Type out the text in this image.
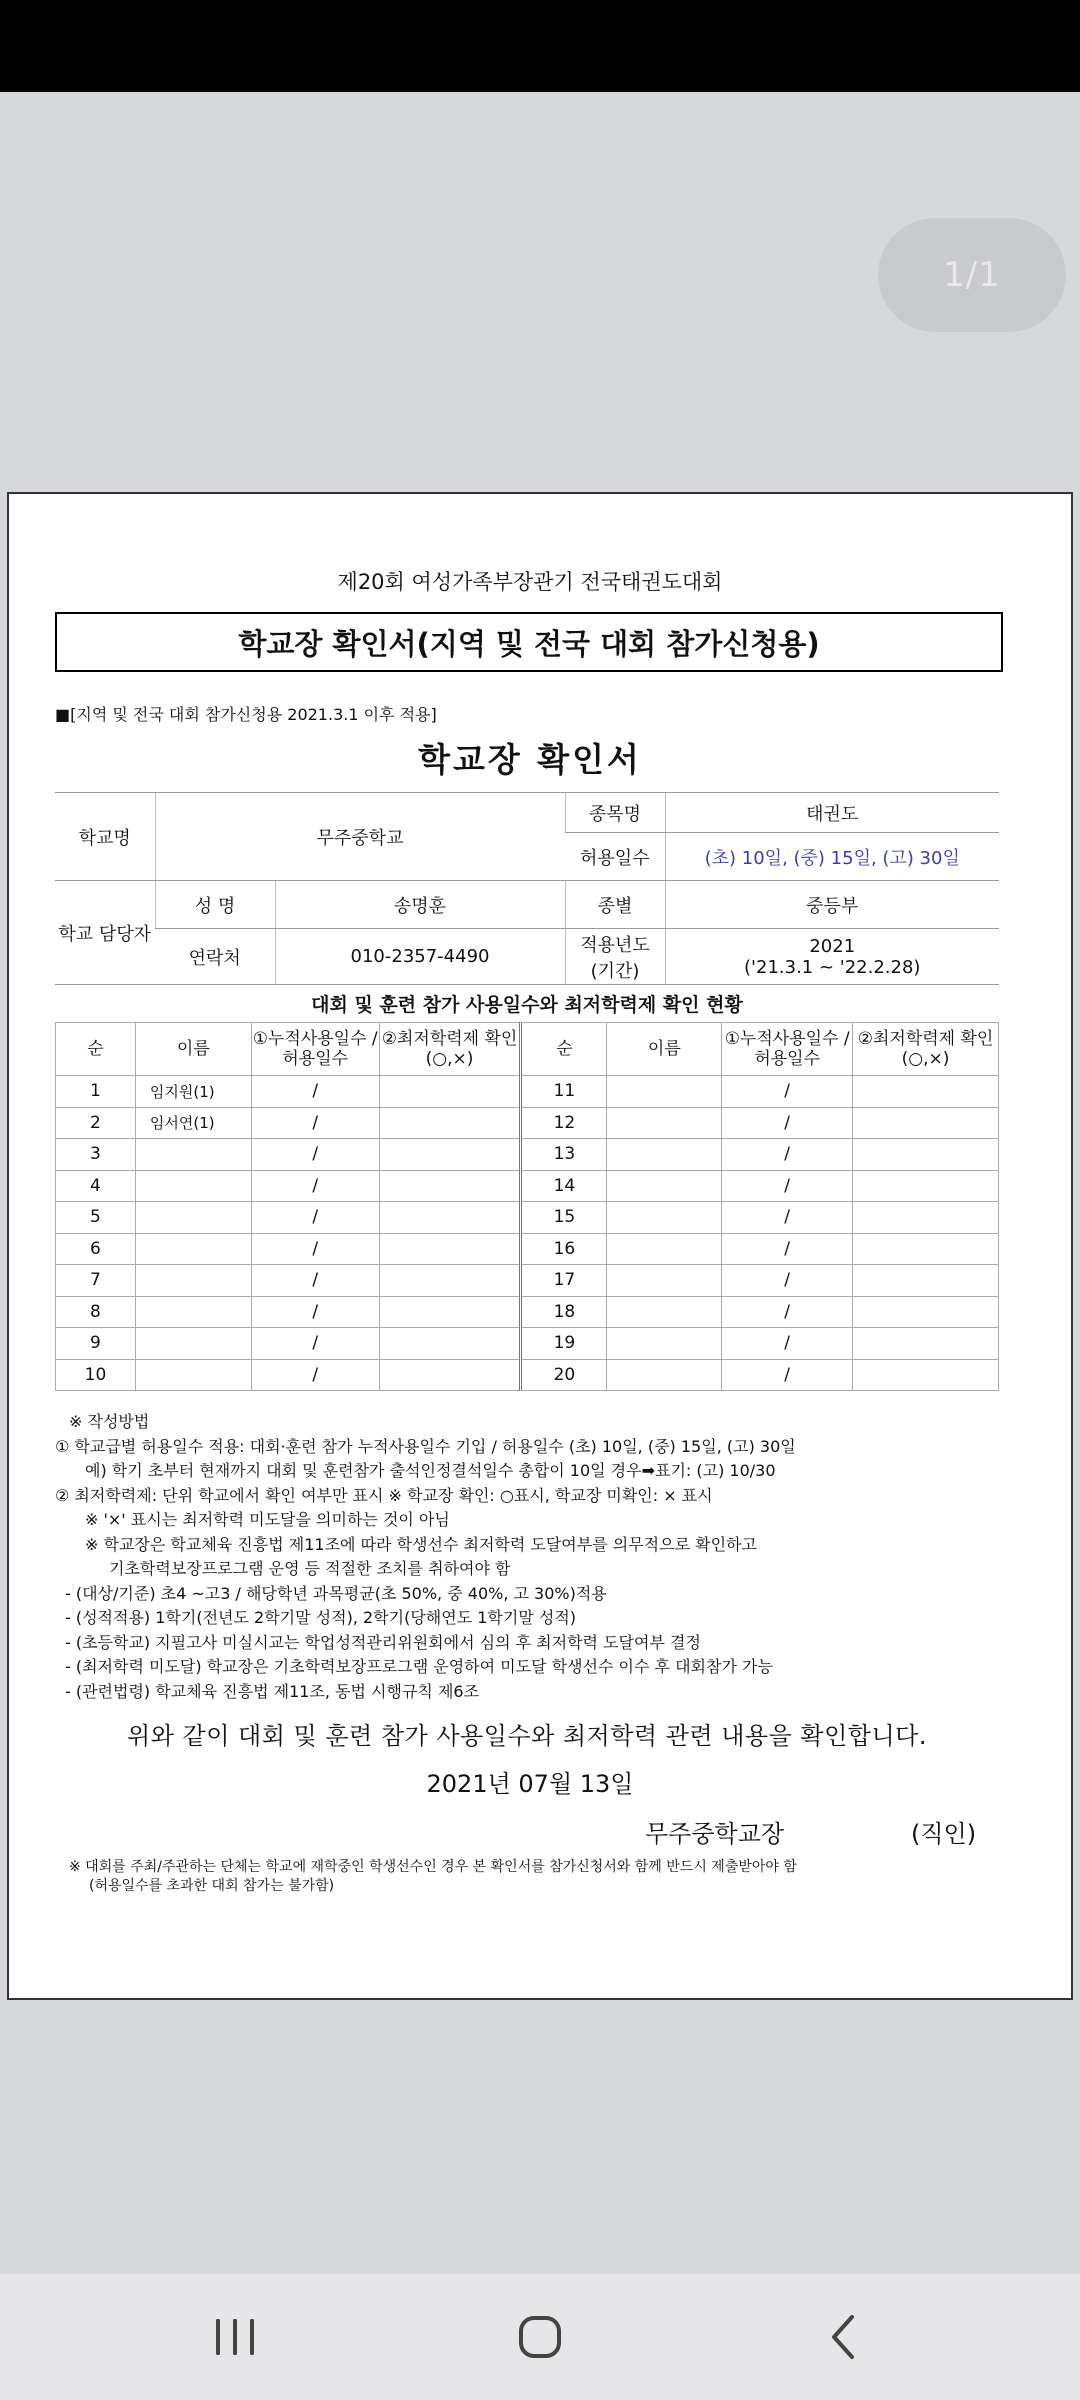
1/1
제20회 여성가족부장관기 전국태권도대회
학교장 확인서(지역 및 전국 대회 참가신청용)
■[지역 및 전국 대회 참가신청용 2021.3.1 이후 적용]
학교장 확인서
학교명	무주중학교		종목명	태권도
			허용일수	(초) 10일, (중) 15일, (고) 30일
학교 담당자	성 명	송명훈	종별	중등부
	연락처	010-2357-4490	적용년도 (기간)	2021
('21.3.1 ~ '22.2.28)
대회 및 훈련 참가 사용일수와 최저학력제 확인 현황
순	이름	①누적사용일수 /허용일수	②최저학력제 확인(○,×)	순	이름	①누적사용일수 /허용일수	②최저학력제 확인(○,×)
1	임지원(1)	/		11		/	
2	임서연(1)	/		12		/	
3		/		13		/	
4		/		14		/	
5		/		15		/	
6		/		16		/	
7		/		17		/	
8		/		18		/	
9		/		19		/	
10		/		20		/	
※ 작성방법
① 학교급별 허용일수 적용: 대회·훈련 참가 누적사용일수 기입 / 허용일수 (초) 10일, (중) 15일, (고) 30일
예) 학기 초부터 현재까지 대회 및 훈련참가 출석인정결석일수 총합이 10일 경우➡표기: (고) 10/30
② 최저학력제: 단위 학교에서 확인 여부만 표시 ※ 학교장 확인: ○표시, 학교장 미확인: × 표시
※ '×' 표시는 최저학력 미도달을 의미하는 것이 아님
※ 학교장은 학교체육 진흥법 제11조에 따라 학생선수 최저학력 도달여부를 의무적으로 확인하고
기초학력보장프로그램 운영 등 적절한 조치를 취하여야 함
- (대상/기준) 초4 ~고3 / 해당학년 과목평균(초 50%, 중 40%, 고 30%)적용
- (성적적용) 1학기(전년도 2학기말 성적), 2학기(당해연도 1학기말 성적)
- (초등학교) 지필고사 미실시교는 학업성적관리위원회에서 심의 후 최저학력 도달여부 결정
- (최저학력 미도달) 학교장은 기초학력보장프로그램 운영하여 미도달 학생선수 이수 후 대회참가 가능
- (관련법령) 학교체육 진흥법 제11조, 동법 시행규칙 제6조
위와 같이 대회 및 훈련 참가 사용일수와 최저학력 관련 내용을 확인합니다.
2021년 07월 13일
무주중학교장	(직인)
※ 대회를 주최/주관하는 단체는 학교에 재학중인 학생선수인 경우 본 확인서를 참가신청서와 함께 반드시 제출받아야 함
(허용일수를 초과한 대회 참가는 불가함)
